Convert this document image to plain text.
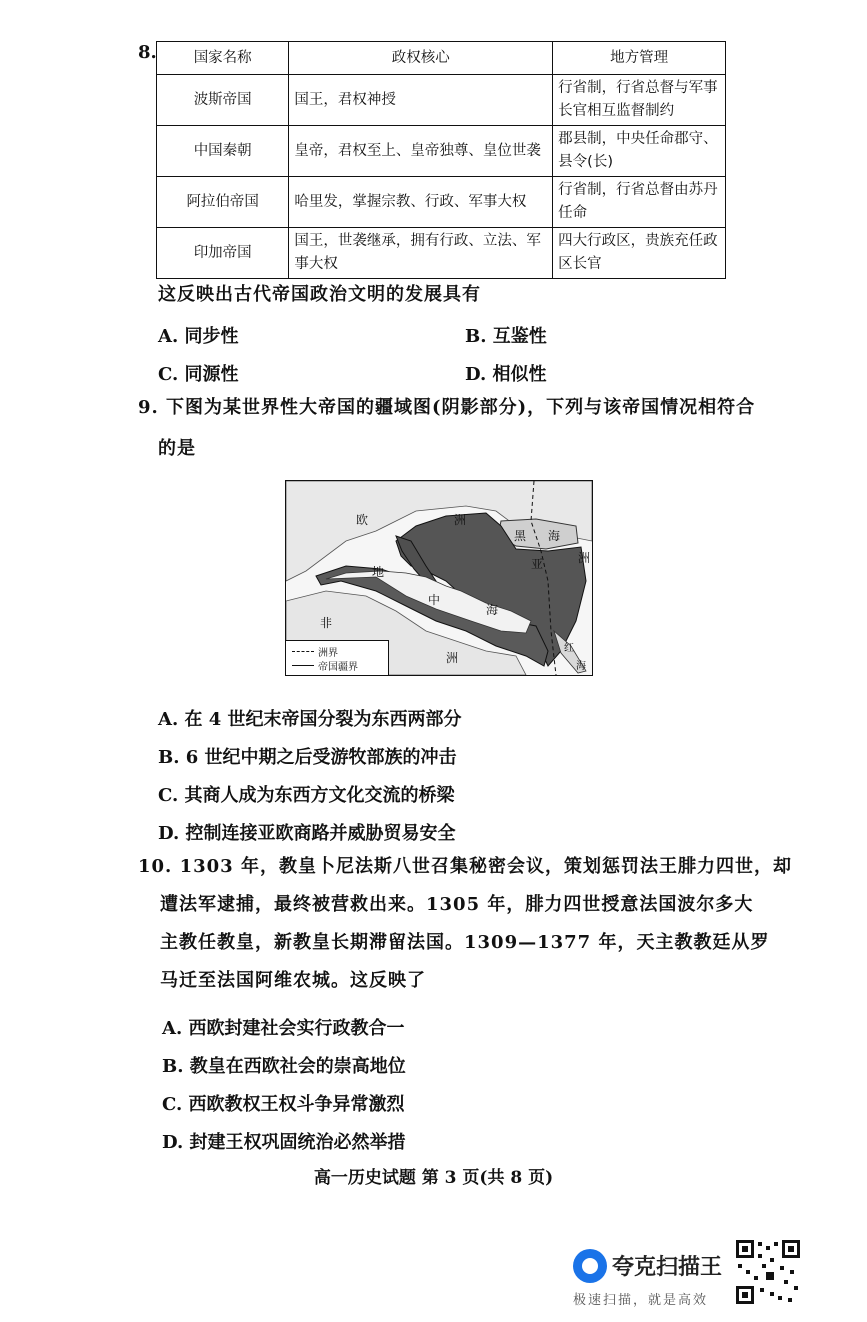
8.	国家名称	政权核心	地方管理
波斯帝国	国王，君权神授	行省制，行省总督与军事长官相互监督制约
中国秦朝	皇帝，君权至上、皇帝独尊、皇位世袭	郡县制，中央任命郡守、县令(长)
阿拉伯帝国	哈里发，掌握宗教、行政、军事大权	行省制，行省总督由苏丹任命
印加帝国	国王，世袭继承，拥有行政、立法、军事大权	四大行政区，贵族充任政区长官
这反映出古代帝国政治文明的发展具有
A. 同步性	B. 互鉴性
C. 同源性	D. 相似性
9. 下图为某世界性大帝国的疆域图(阴影部分)，下列与该帝国情况相符合
的是
欧	洲
黑 海
亚	洲
地
中
海
非
洲
红
海
洲界
帝国疆界
A. 在 4 世纪末帝国分裂为东西两部分
B. 6 世纪中期之后受游牧部族的冲击
C. 其商人成为东西方文化交流的桥梁
D. 控制连接亚欧商路并威胁贸易安全
10. 1303 年，教皇卜尼法斯八世召集秘密会议，策划惩罚法王腓力四世，却
遭法军逮捕，最终被营救出来。1305 年，腓力四世授意法国波尔多大
主教任教皇，新教皇长期滞留法国。1309—1377 年，天主教教廷从罗
马迁至法国阿维农城。这反映了
A. 西欧封建社会实行政教合一
B. 教皇在西欧社会的崇高地位
C. 西欧教权王权斗争异常激烈
D. 封建王权巩固统治必然举措
高一历史试题 第 3 页(共 8 页)
夸克扫描王
极速扫描，就是高效
